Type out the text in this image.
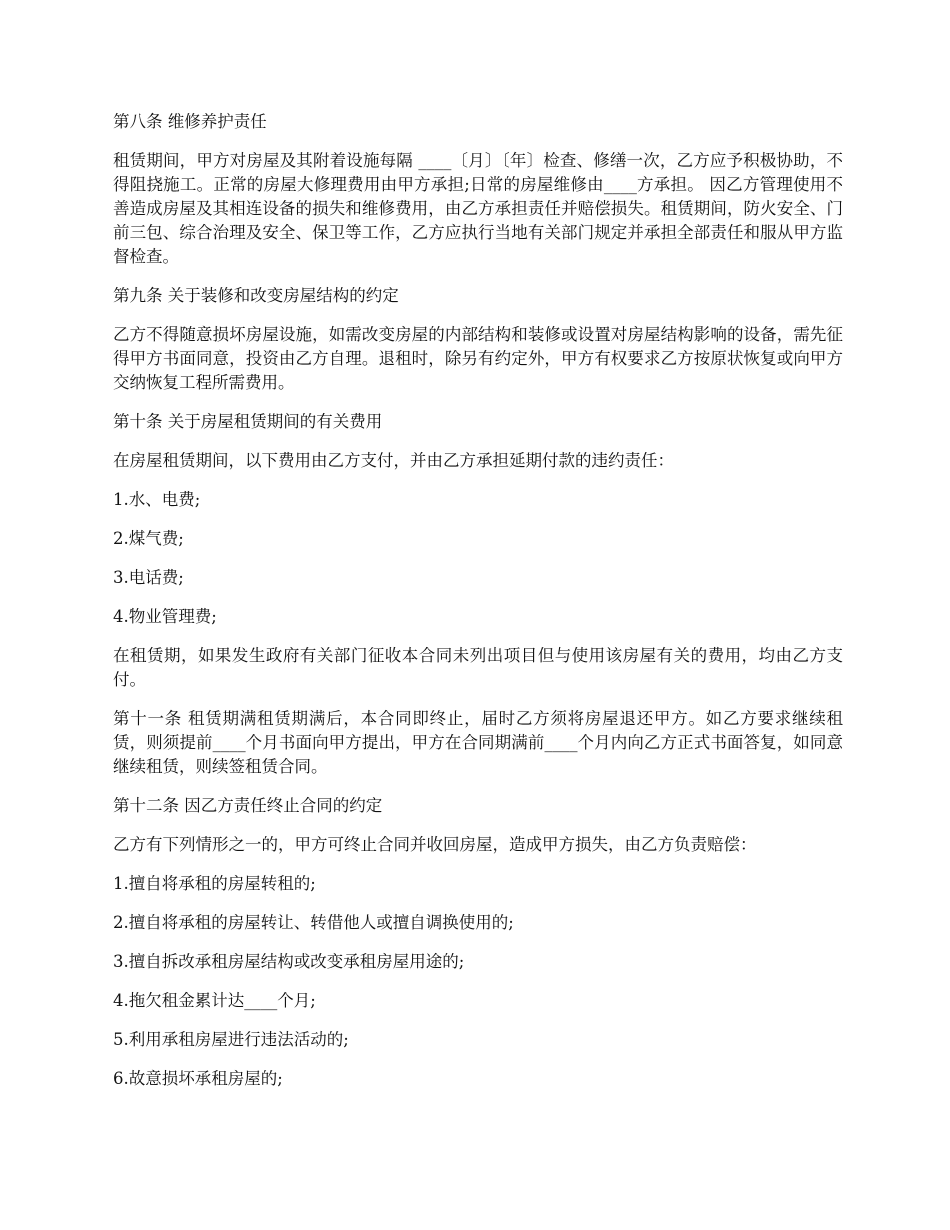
第八条 维修养护责任

租赁期间，甲方对房屋及其附着设施每隔 ____〔月〕〔年〕检查、修缮一次，乙方应予积极协助，不得阻挠施工。正常的房屋大修理费用由甲方承担;日常的房屋维修由____方承担。 因乙方管理使用不善造成房屋及其相连设备的损失和维修费用，由乙方承担责任并赔偿损失。租赁期间，防火安全、门前三包、综合治理及安全、保卫等工作，乙方应执行当地有关部门规定并承担全部责任和服从甲方监督检查。

第九条 关于装修和改变房屋结构的约定

乙方不得随意损坏房屋设施，如需改变房屋的内部结构和装修或设置对房屋结构影响的设备，需先征得甲方书面同意，投资由乙方自理。退租时，除另有约定外，甲方有权要求乙方按原状恢复或向甲方交纳恢复工程所需费用。

第十条 关于房屋租赁期间的有关费用

在房屋租赁期间，以下费用由乙方支付，并由乙方承担延期付款的违约责任：

1.水、电费;

2.煤气费;

3.电话费;

4.物业管理费;

在租赁期，如果发生政府有关部门征收本合同未列出项目但与使用该房屋有关的费用，均由乙方支付。

第十一条 租赁期满租赁期满后，本合同即终止，届时乙方须将房屋退还甲方。如乙方要求继续租赁，则须提前____个月书面向甲方提出，甲方在合同期满前____个月内向乙方正式书面答复，如同意继续租赁，则续签租赁合同。

第十二条 因乙方责任终止合同的约定

乙方有下列情形之一的，甲方可终止合同并收回房屋，造成甲方损失，由乙方负责赔偿：

1.擅自将承租的房屋转租的;

2.擅自将承租的房屋转让、转借他人或擅自调换使用的;

3.擅自拆改承租房屋结构或改变承租房屋用途的;

4.拖欠租金累计达____个月;

5.利用承租房屋进行违法活动的;

6.故意损坏承租房屋的;
